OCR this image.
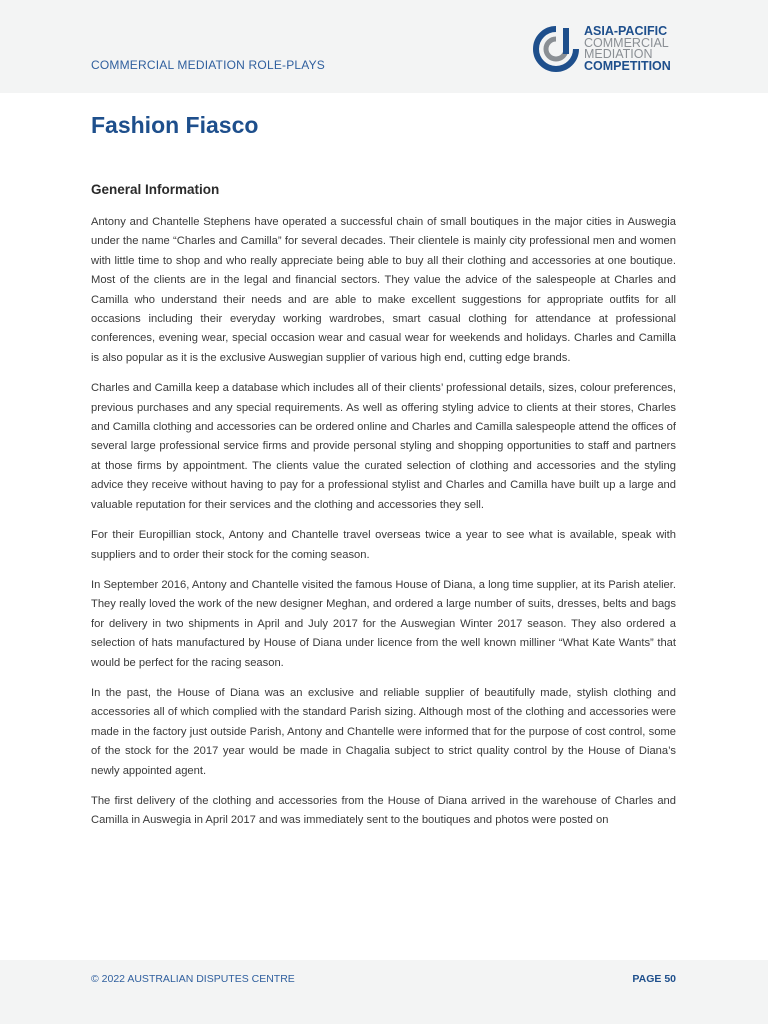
COMMERCIAL MEDIATION ROLE-PLAYS
ASIA-PACIFIC
COMMERCIAL
MEDIATION
COMPETITION
Fashion Fiasco
General Information

Antony and Chantelle Stephens have operated a successful chain of small boutiques in the major cities in Auswegia under the name “Charles and Camilla” for several decades. Their clientele is mainly city professional men and women with little time to shop and who really appreciate being able to buy all their clothing and accessories at one boutique. Most of the clients are in the legal and financial sectors. They value the advice of the salespeople at Charles and Camilla who understand their needs and are able to make excellent suggestions for appropriate outfits for all occasions including their everyday working wardrobes, smart casual clothing for attendance at professional conferences, evening wear, special occasion wear and casual wear for weekends and holidays. Charles and Camilla is also popular as it is the exclusive Auswegian supplier of various high end, cutting edge brands.

Charles and Camilla keep a database which includes all of their clients’ professional details, sizes, colour preferences, previous purchases and any special requirements. As well as offering styling advice to clients at their stores, Charles and Camilla clothing and accessories can be ordered online and Charles and Camilla salespeople attend the offices of several large professional service firms and provide personal styling and shopping opportunities to staff and partners at those firms by appointment. The clients value the curated selection of clothing and accessories and the styling advice they receive without having to pay for a professional stylist and Charles and Camilla have built up a large and valuable reputation for their services and the clothing and accessories they sell.

For their Europillian stock, Antony and Chantelle travel overseas twice a year to see what is available, speak with suppliers and to order their stock for the coming season.

In September 2016, Antony and Chantelle visited the famous House of Diana, a long time supplier, at its Parish atelier. They really loved the work of the new designer Meghan, and ordered a large number of suits, dresses, belts and bags for delivery in two shipments in April and July 2017 for the Auswegian Winter 2017 season. They also ordered a selection of hats manufactured by House of Diana under licence from the well known milliner “What Kate Wants” that would be perfect for the racing season.

In the past, the House of Diana was an exclusive and reliable supplier of beautifully made, stylish clothing and accessories all of which complied with the standard Parish sizing. Although most of the clothing and accessories were made in the factory just outside Parish, Antony and Chantelle were informed that for the purpose of cost control, some of the stock for the 2017 year would be made in Chagalia subject to strict quality control by the House of Diana’s newly appointed agent.

The first delivery of the clothing and accessories from the House of Diana arrived in the warehouse of Charles and Camilla in Auswegia in April 2017 and was immediately sent to the boutiques and photos were posted on

© 2022 AUSTRALIAN DISPUTES CENTRE	PAGE 50
